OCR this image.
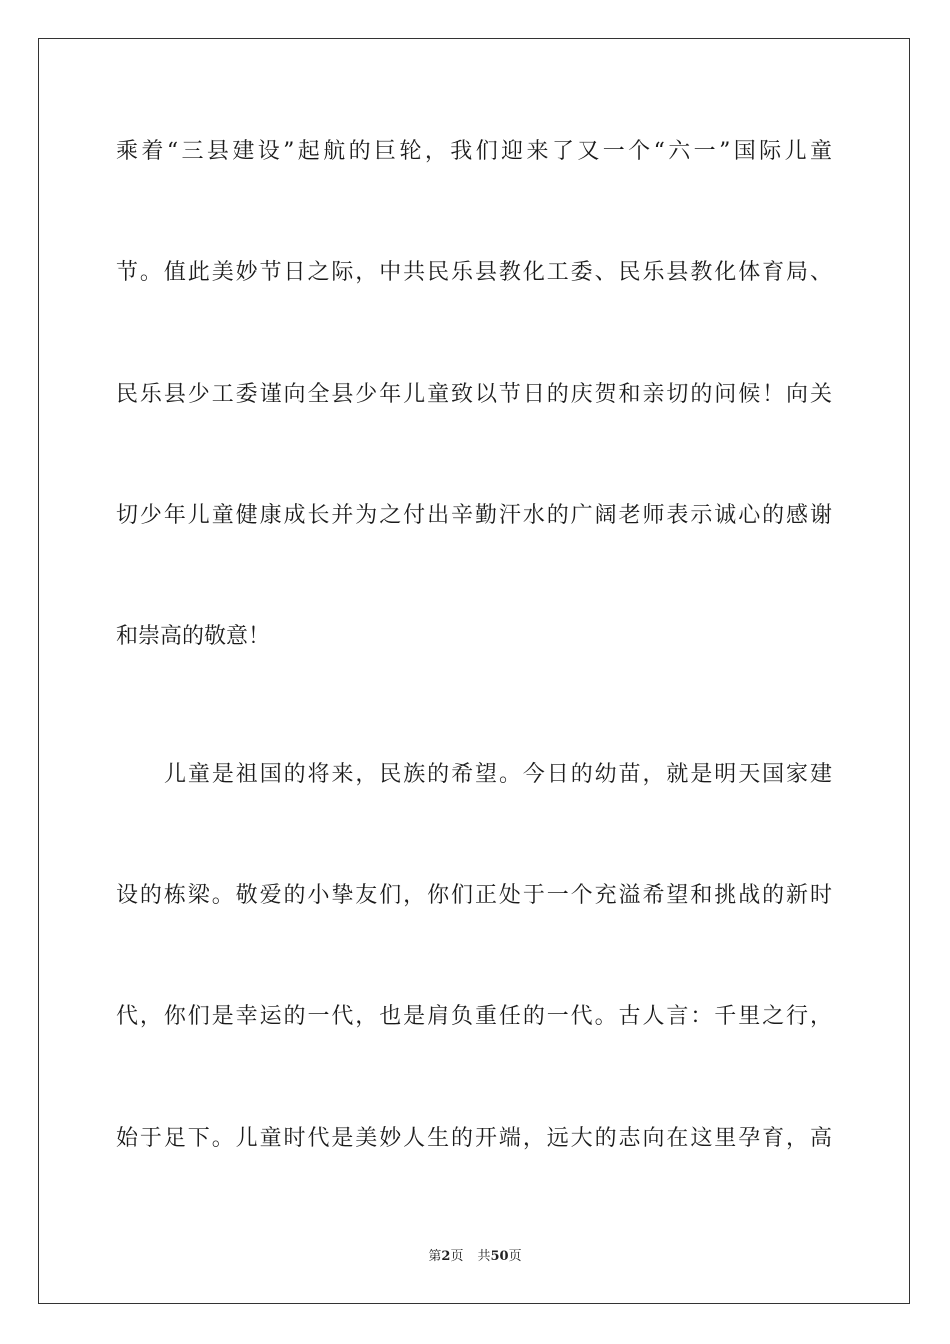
乘着“三县建设”起航的巨轮，我们迎来了又一个“六一”国际儿童
节。值此美妙节日之际，中共民乐县教化工委、民乐县教化体育局、
民乐县少工委谨向全县少年儿童致以节日的庆贺和亲切的问候！向关
切少年儿童健康成长并为之付出辛勤汗水的广阔老师表示诚心的感谢
和崇高的敬意！
儿童是祖国的将来，民族的希望。今日的幼苗，就是明天国家建
设的栋梁。敬爱的小挚友们，你们正处于一个充溢希望和挑战的新时
代，你们是幸运的一代，也是肩负重任的一代。古人言：千里之行，
始于足下。儿童时代是美妙人生的开端，远大的志向在这里孕育，高
第2页 共50页
